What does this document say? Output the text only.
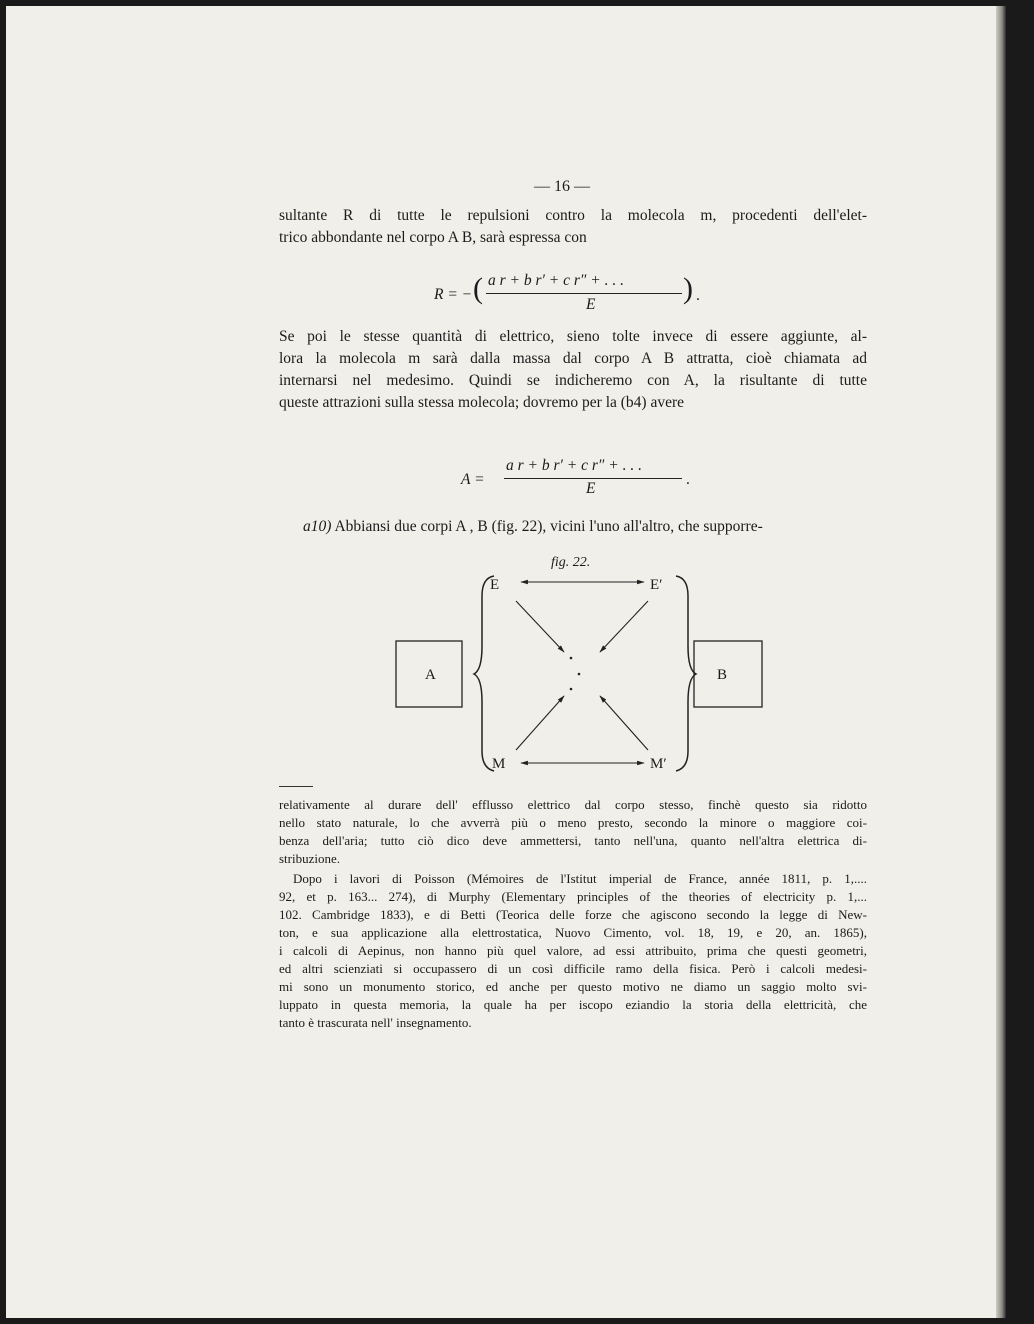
— 16 —
sultante R di tutte le repulsioni contro la molecola m, procedenti dell'elet-
trico abbondante nel corpo A B, sarà espressa con
R = − ( a r + b r′ + c r″ + . . .
E	) .
Se poi le stesse quantità di elettrico, sieno tolte invece di essere aggiunte, al-
lora la molecola m sarà dalla massa dal corpo A B attratta, cioè chiamata ad
internarsi nel medesimo. Quindi se indicheremo con A, la risultante di tutte
queste attrazioni sulla stessa molecola; dovremo per la (b4) avere
A =
a r + b r′ + c r″ + . . .
E
.
a10) Abbiansi due corpi A , B (fig. 22), vicini l'uno all'altro, che supporre-
fig. 22.
A	B
E	E′
M	M′
relativamente al durare dell' efflusso elettrico dal corpo stesso, finchè questo sia ridotto
nello stato naturale, lo che avverrà più o meno presto, secondo la minore o maggiore coi-
benza dell'aria; tutto ciò dico deve ammettersi, tanto nell'una, quanto nell'altra elettrica di-
stribuzione.
Dopo i lavori di Poisson (Mémoires de l'Istitut imperial de France, année 1811, p. 1,....
92, et p. 163... 274), di Murphy (Elementary principles of the theories of electricity p. 1,...
102. Cambridge 1833), e di Betti (Teorica delle forze che agiscono secondo la legge di New-
ton, e sua applicazione alla elettrostatica, Nuovo Cimento, vol. 18, 19, e 20, an. 1865),
i calcoli di Aepinus, non hanno più quel valore, ad essi attribuito, prima che questi geometri,
ed altri scienziati si occupassero di un così difficile ramo della fisica. Però i calcoli medesi-
mi sono un monumento storico, ed anche per questo motivo ne diamo un saggio molto svi-
luppato in questa memoria, la quale ha per iscopo eziandio la storia della elettricità, che
tanto è trascurata nell' insegnamento.
